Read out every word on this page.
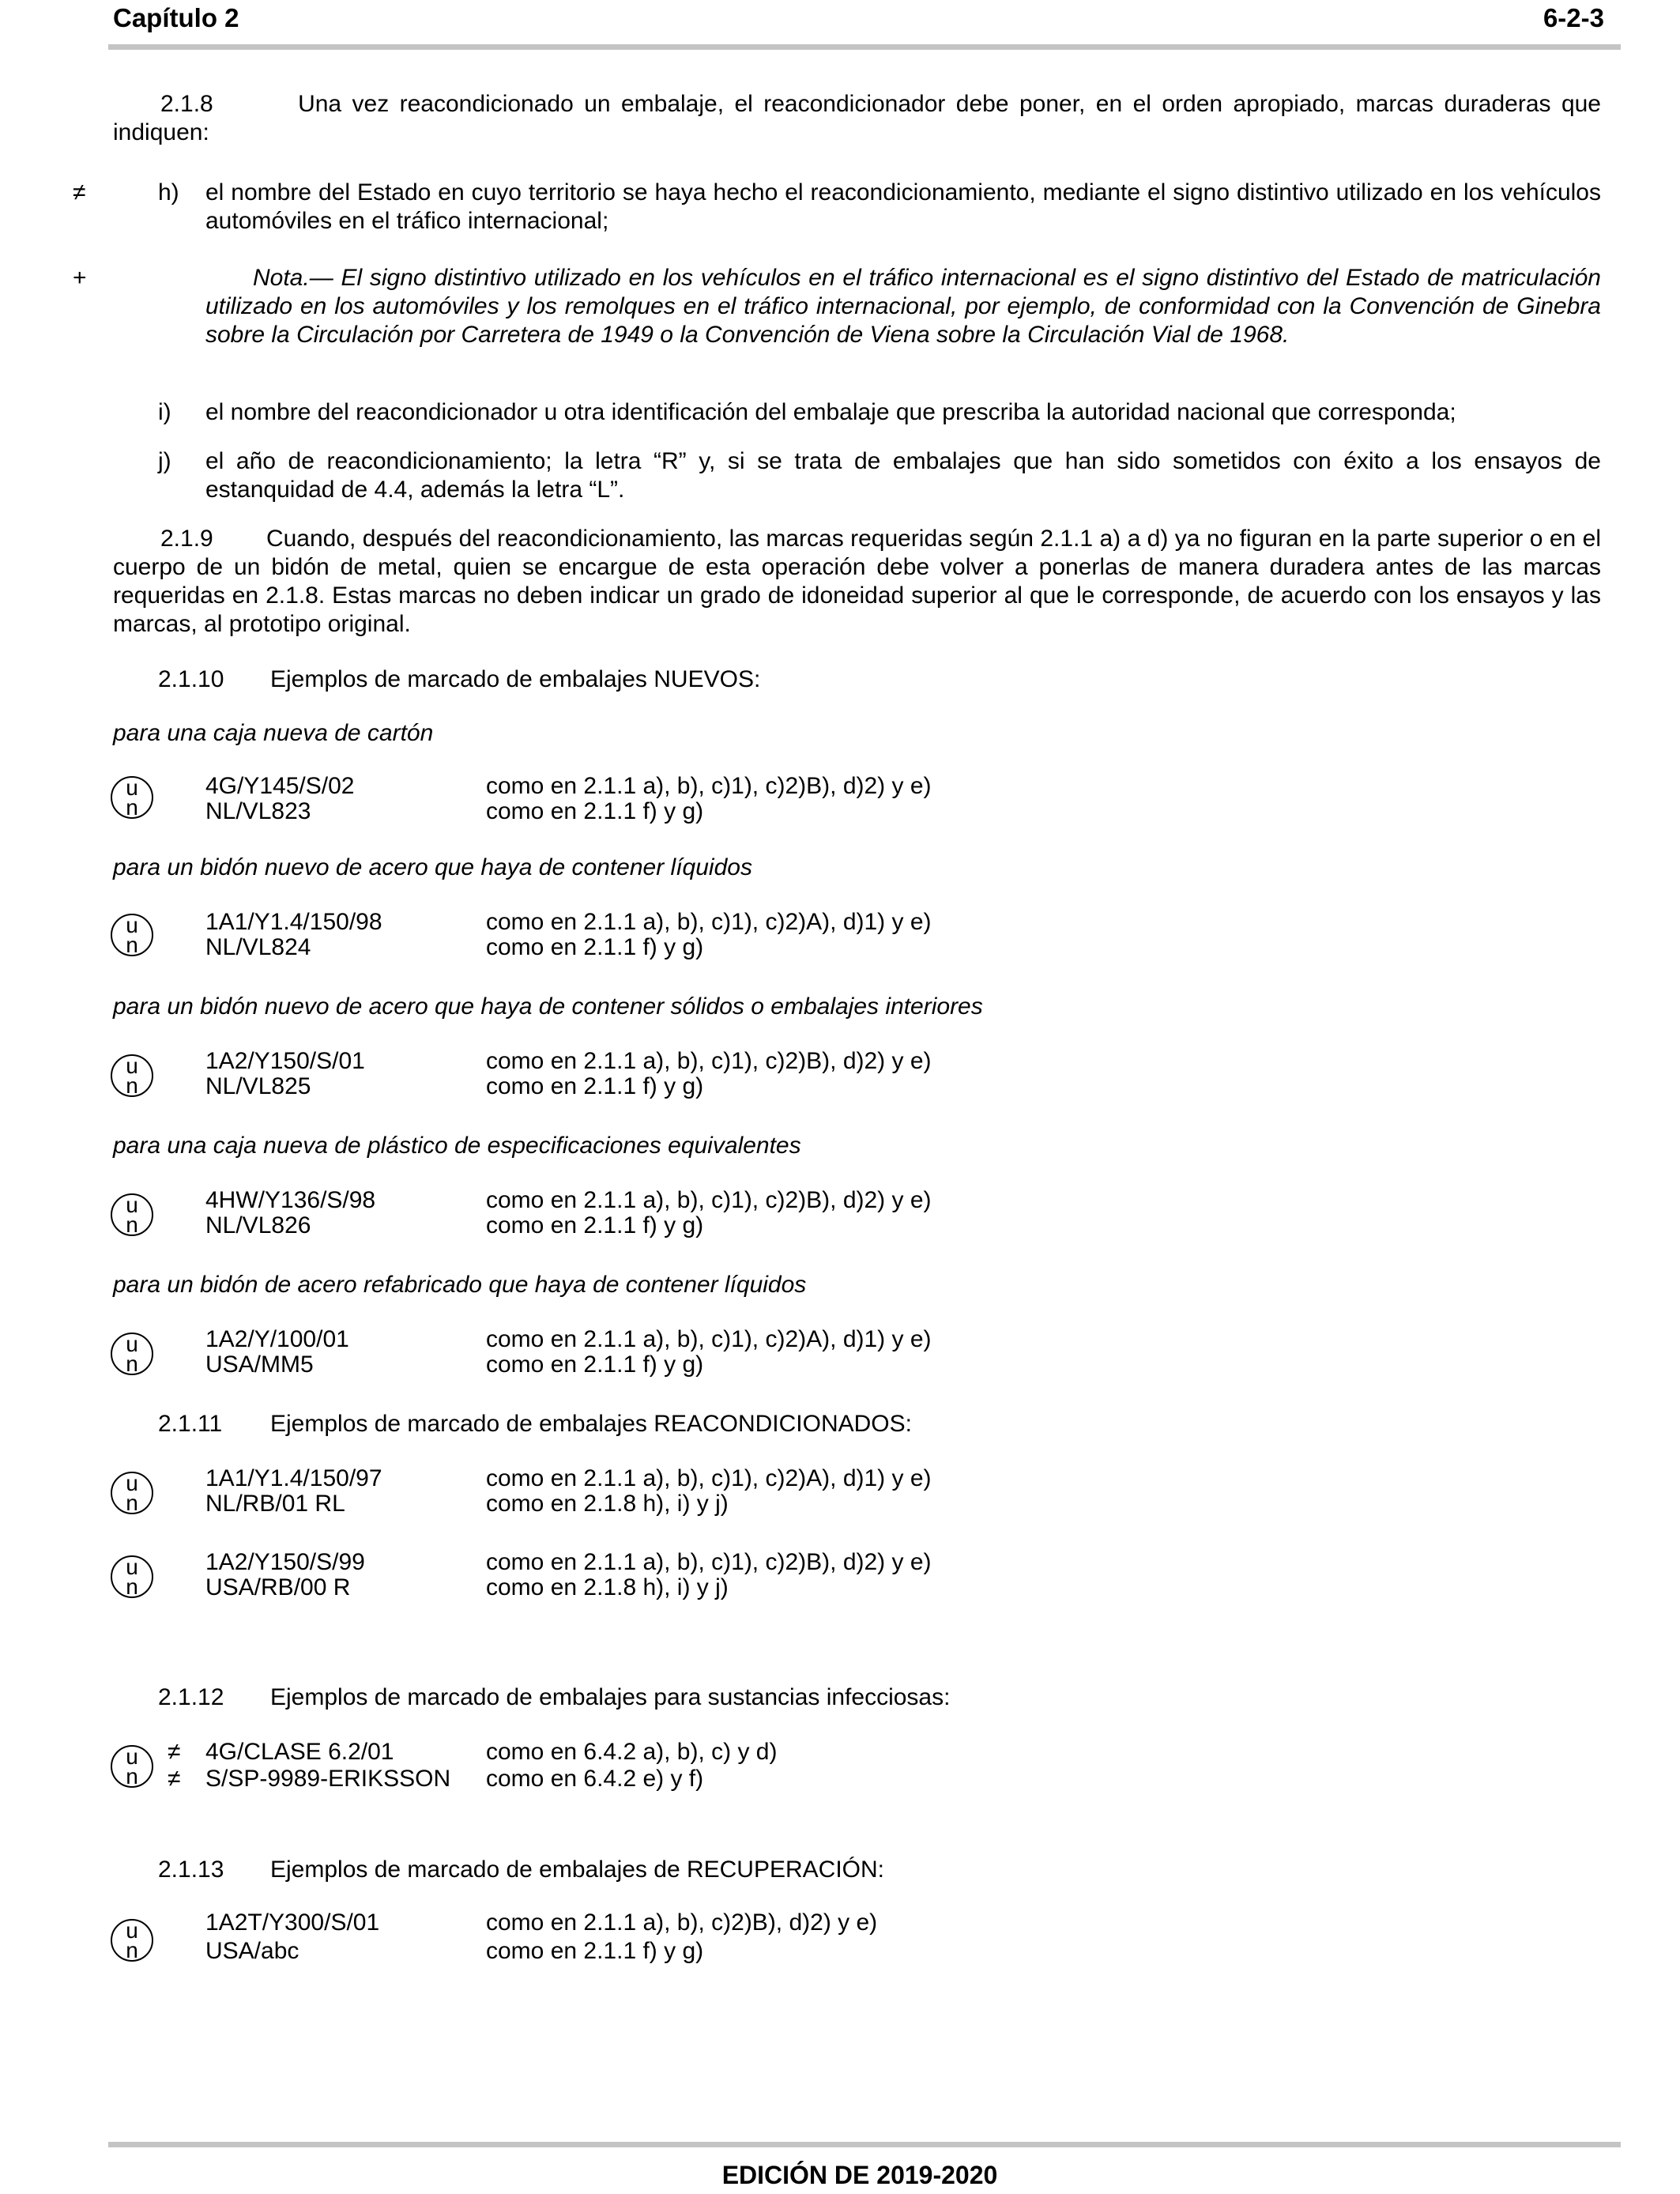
Capítulo 2	6-2-3

2.1.8	Una vez reacondicionado un embalaje, el reacondicionador debe poner, en el orden apropiado, marcas duraderas que indiquen:

≠	h) el nombre del Estado en cuyo territorio se haya hecho el reacondicionamiento, mediante el signo distintivo utilizado en los vehículos automóviles en el tráfico internacional;
+	Nota.— El signo distintivo utilizado en los vehículos en el tráfico internacional es el signo distintivo del Estado de matriculación utilizado en los automóviles y los remolques en el tráfico internacional, por ejemplo, de conformidad con la Convención de Ginebra sobre la Circulación por Carretera de 1949 o la Convención de Viena sobre la Circulación Vial de 1968.
i) el nombre del reacondicionador u otra identificación del embalaje que prescriba la autoridad nacional que corresponda;
j) el año de reacondicionamiento; la letra “R” y, si se trata de embalajes que han sido sometidos con éxito a los ensayos de estanquidad de 4.4, además la letra “L”.

2.1.9 Cuando, después del reacondicionamiento, las marcas requeridas según 2.1.1 a) a d) ya no figuran en la parte superior o en el cuerpo de un bidón de metal, quien se encargue de esta operación debe volver a ponerlas de manera duradera antes de las marcas requeridas en 2.1.8. Estas marcas no deben indicar un grado de idoneidad superior al que le corresponde, de acuerdo con los ensayos y las marcas, al prototipo original.

2.1.10 Ejemplos de marcado de embalajes NUEVOS:
para una caja nueva de cartón
u
n
4G/Y145/S/02	como en 2.1.1 a), b), c)1), c)2)B), d)2) y e)
NL/VL823	como en 2.1.1 f) y g)
para un bidón nuevo de acero que haya de contener líquidos
u
n
1A1/Y1.4/150/98	como en 2.1.1 a), b), c)1), c)2)A), d)1) y e)
NL/VL824	como en 2.1.1 f) y g)
para un bidón nuevo de acero que haya de contener sólidos o embalajes interiores
u
n
1A2/Y150/S/01	como en 2.1.1 a), b), c)1), c)2)B), d)2) y e)
NL/VL825	como en 2.1.1 f) y g)
para una caja nueva de plástico de especificaciones equivalentes
u
n
4HW/Y136/S/98	como en 2.1.1 a), b), c)1), c)2)B), d)2) y e)
NL/VL826	como en 2.1.1 f) y g)
para un bidón de acero refabricado que haya de contener líquidos
u
n
1A2/Y/100/01	como en 2.1.1 a), b), c)1), c)2)A), d)1) y e)
USA/MM5	como en 2.1.1 f) y g)
2.1.11 Ejemplos de marcado de embalajes REACONDICIONADOS:
u
n
1A1/Y1.4/150/97	como en 2.1.1 a), b), c)1), c)2)A), d)1) y e)
NL/RB/01 RL	como en 2.1.8 h), i) y j)
u
n
1A2/Y150/S/99	como en 2.1.1 a), b), c)1), c)2)B), d)2) y e)
USA/RB/00 R	como en 2.1.8 h), i) y j)
2.1.12 Ejemplos de marcado de embalajes para sustancias infecciosas:
u
n
≠
≠
4G/CLASE 6.2/01	como en 6.4.2 a), b), c) y d)
S/SP-9989-ERIKSSON como en 6.4.2 e) y f)
2.1.13 Ejemplos de marcado de embalajes de RECUPERACIÓN:
u
n
1A2T/Y300/S/01	como en 2.1.1 a), b), c)2)B), d)2) y e)
USA/abc	como en 2.1.1 f) y g)
EDICIÓN DE 2019-2020
